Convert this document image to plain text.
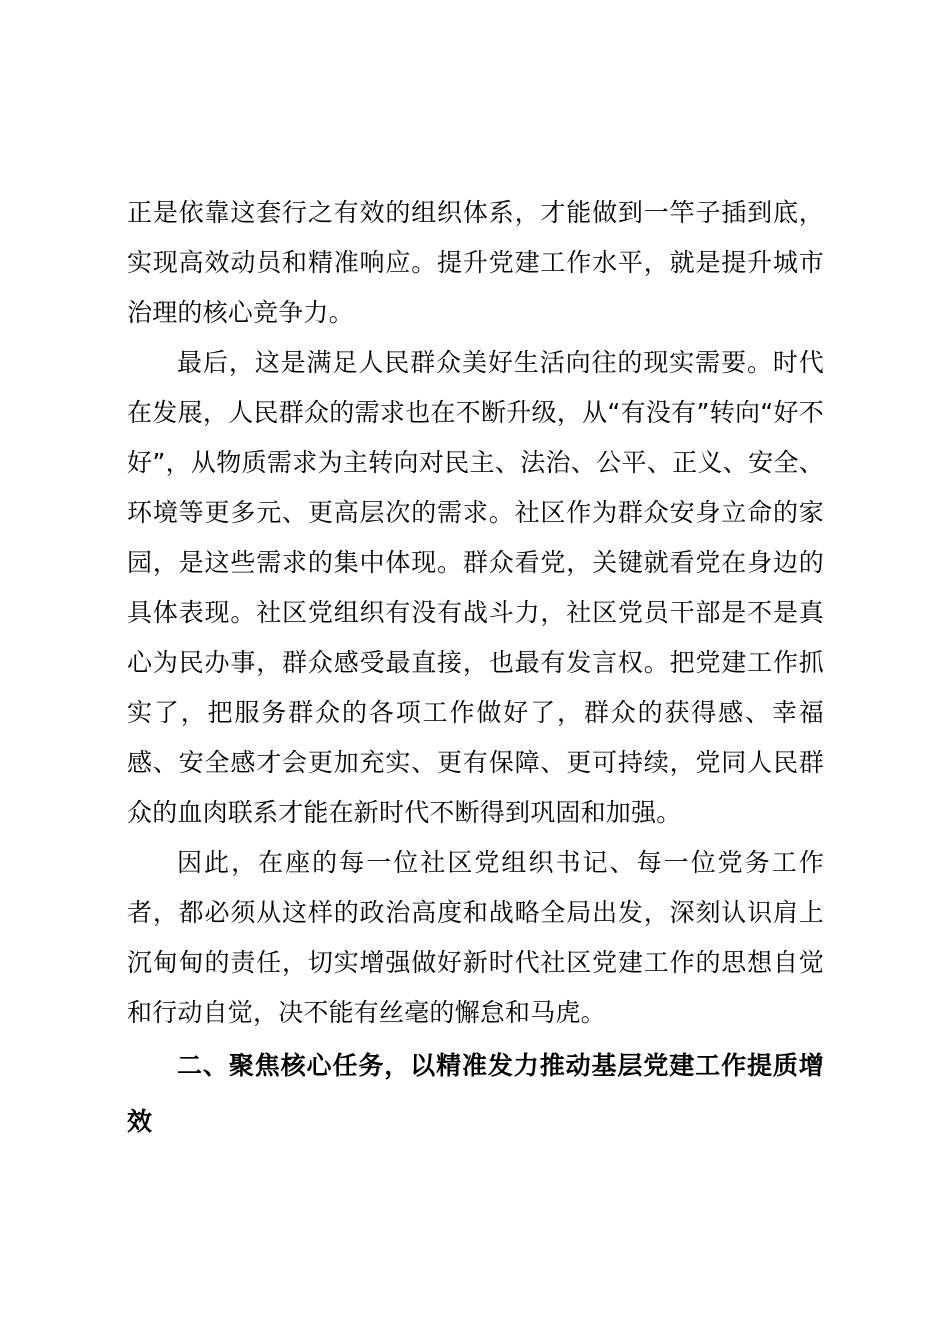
正是依靠这套行之有效的组织体系，才能做到一竿子插到底，实现高效动员和精准响应。提升党建工作水平，就是提升城市治理的核心竞争力。

最后，这是满足人民群众美好生活向往的现实需要。时代在发展，人民群众的需求也在不断升级，从“有没有”转向“好不好”，从物质需求为主转向对民主、法治、公平、正义、安全、环境等更多元、更高层次的需求。社区作为群众安身立命的家园，是这些需求的集中体现。群众看党，关键就看党在身边的具体表现。社区党组织有没有战斗力，社区党员干部是不是真心为民办事，群众感受最直接，也最有发言权。把党建工作抓实了，把服务群众的各项工作做好了，群众的获得感、幸福感、安全感才会更加充实、更有保障、更可持续，党同人民群众的血肉联系才能在新时代不断得到巩固和加强。

因此，在座的每一位社区党组织书记、每一位党务工作者，都必须从这样的政治高度和战略全局出发，深刻认识肩上沉甸甸的责任，切实增强做好新时代社区党建工作的思想自觉和行动自觉，决不能有丝毫的懈怠和马虎。

二、聚焦核心任务，以精准发力推动基层党建工作提质增效
